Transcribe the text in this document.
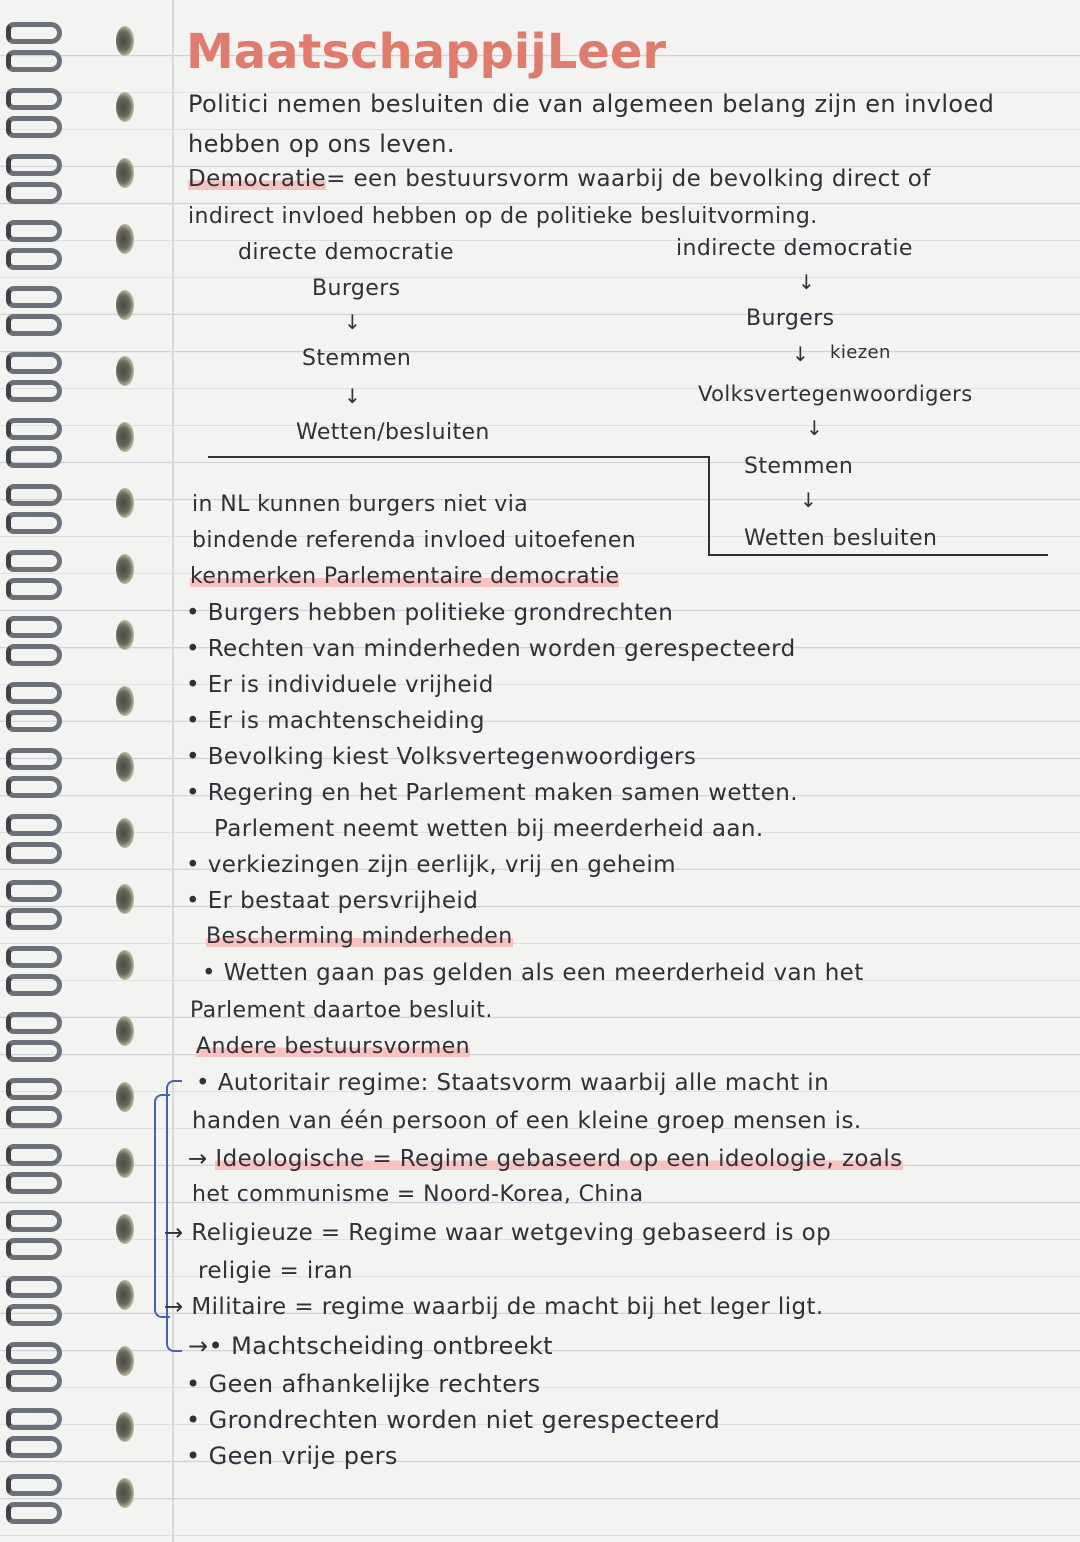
MaatschappijLeer
Politici nemen besluiten die van algemeen belang zijn en invloed
hebben op ons leven.
Democratie= een bestuursvorm waarbij de bevolking direct of
indirect invloed hebben op de politieke besluitvorming.
directe democratie
Burgers
↓
Stemmen
↓
Wetten/besluiten
indirecte democratie
↓
Burgers
↓ kiezen
Volksvertegenwoordigers
↓
Stemmen
↓
Wetten besluiten
in NL kunnen burgers niet via
bindende referenda invloed uitoefenen
kenmerken Parlementaire democratie
• Burgers hebben politieke grondrechten
• Rechten van minderheden worden gerespecteerd
• Er is individuele vrijheid
• Er is machtenscheiding
• Bevolking kiest Volksvertegenwoordigers
• Regering en het Parlement maken samen wetten.
Parlement neemt wetten bij meerderheid aan.
• verkiezingen zijn eerlijk, vrij en geheim
• Er bestaat persvrijheid
Bescherming minderheden
• Wetten gaan pas gelden als een meerderheid van het
Parlement daartoe besluit.
Andere bestuursvormen
• Autoritair regime: Staatsvorm waarbij alle macht in
handen van één persoon of een kleine groep mensen is.
→ Ideologische = Regime gebaseerd op een ideologie, zoals
het communisme = Noord-Korea, China
→ Religieuze = Regime waar wetgeving gebaseerd is op
religie = iran
→ Militaire = regime waarbij de macht bij het leger ligt.
→• Machtscheiding ontbreekt
• Geen afhankelijke rechters
• Grondrechten worden niet gerespecteerd
• Geen vrije pers
